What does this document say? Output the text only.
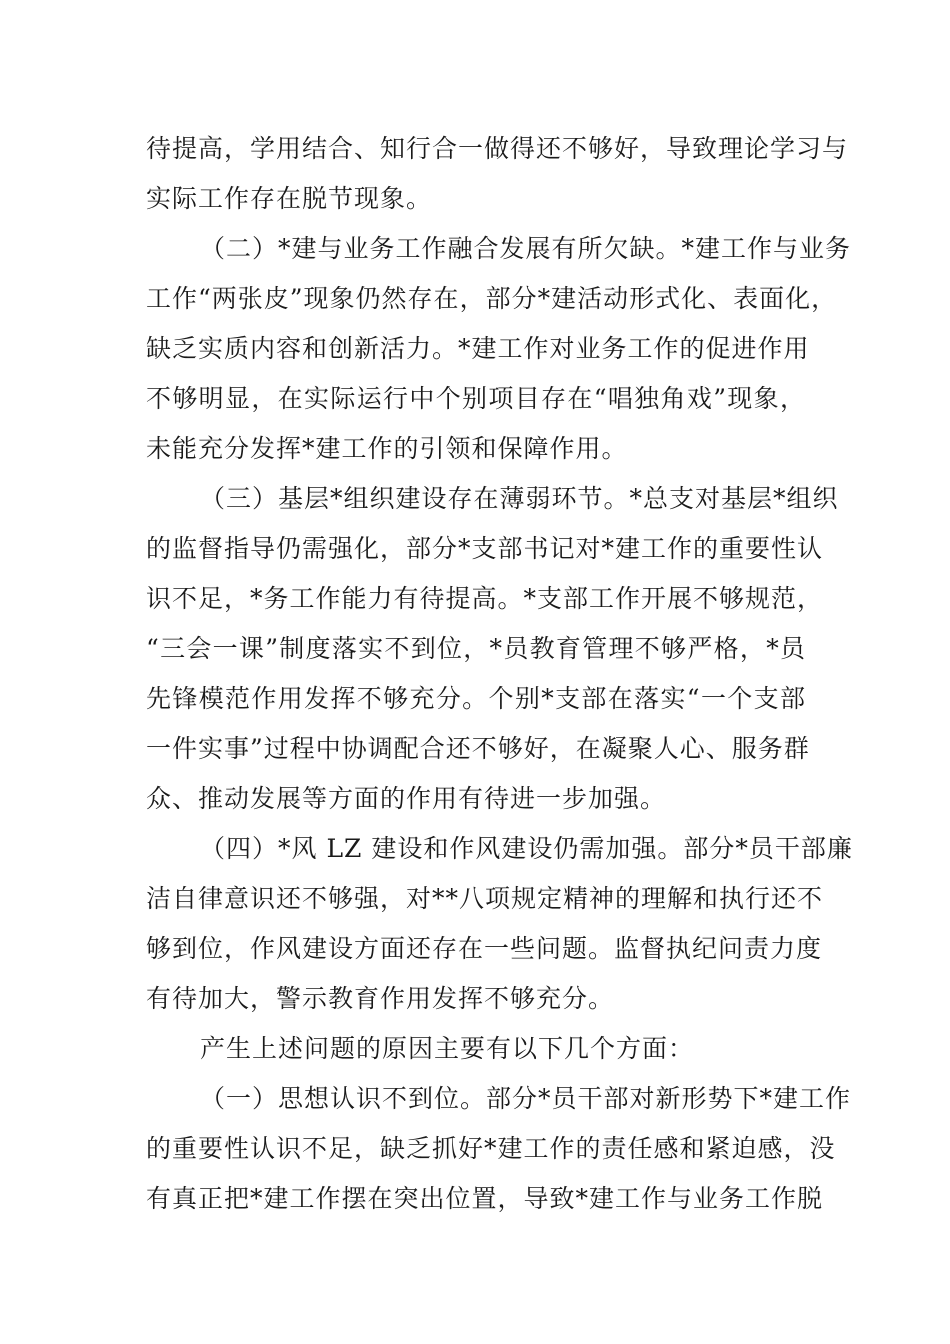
待提高，学用结合、知行合一做得还不够好，导致理论学习与
实际工作存在脱节现象。
（二）*建与业务工作融合发展有所欠缺。*建工作与业务
工作“两张皮”现象仍然存在，部分*建活动形式化、表面化，
缺乏实质内容和创新活力。*建工作对业务工作的促进作用
不够明显，在实际运行中个别项目存在“唱独角戏”现象，
未能充分发挥*建工作的引领和保障作用。
（三）基层*组织建设存在薄弱环节。*总支对基层*组织
的监督指导仍需强化，部分*支部书记对*建工作的重要性认
识不足，*务工作能力有待提高。*支部工作开展不够规范，
“三会一课”制度落实不到位，*员教育管理不够严格，*员
先锋模范作用发挥不够充分。个别*支部在落实“一个支部
一件实事”过程中协调配合还不够好，在凝聚人心、服务群
众、推动发展等方面的作用有待进一步加强。
（四）*风 LZ 建设和作风建设仍需加强。部分*员干部廉
洁自律意识还不够强，对**八项规定精神的理解和执行还不
够到位，作风建设方面还存在一些问题。监督执纪问责力度
有待加大，警示教育作用发挥不够充分。
产生上述问题的原因主要有以下几个方面：
（一）思想认识不到位。部分*员干部对新形势下*建工作
的重要性认识不足，缺乏抓好*建工作的责任感和紧迫感，没
有真正把*建工作摆在突出位置，导致*建工作与业务工作脱
